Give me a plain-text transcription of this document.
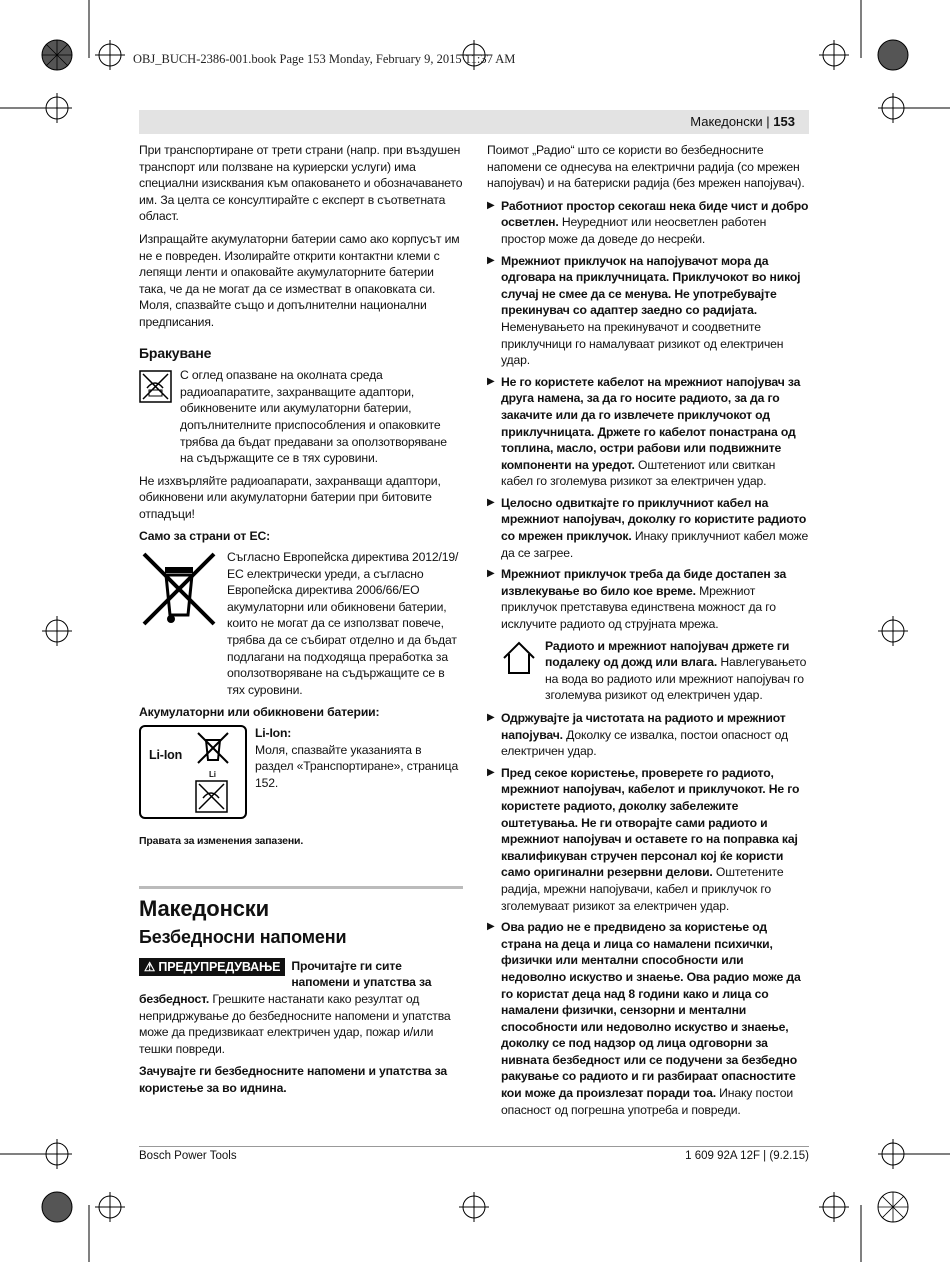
OBJ_BUCH-2386-001.book Page 153 Monday, February 9, 2015 11:37 AM
Македонски | 153

При транспортиране от трети страни (напр. при въздушен транспорт или ползване на куриерски услуги) има специални изисквания към опаковането и обозначаването им. За целта се консултирайте с експерт в съответната област.

Изпращайте акумулаторни батерии само ако корпусът им не е повреден. Изолирайте открити контактни клеми с лепящи ленти и опаковайте акумулаторните батерии така, че да не могат да се изместват в опаковката си.

Моля, спазвайте също и допълнителни национални предписания.

Бракуване
С оглед опазване на околната среда радиоапаратите, захранващите адаптори, обикновените или акумулаторни батерии, допълнителните приспособления и опаковките трябва да бъдат предавани за оползотворяване на съдържащите се в тях суровини.

Не изхвърляйте радиоапарати, захранващи адаптори, обикновени или акумулаторни батерии при битовите отпадъци!

Само за страни от ЕС:
Съгласно Европейска директива 2012/19/ЕС електрически уреди, а съгласно Европейска директива 2006/66/ЕО акумулаторни или обикновени батерии, които не могат да се използват повече, трябва да се събират отделно и да бъдат подлагани на подходяща преработка за оползотворяване на съдържащите се в тях суровини.
Акумулаторни или обикновени батерии:
Li-Ion
Li
Li-Ion:
Моля, спазвайте указанията в раздел «Транспортиране», страница 152.
Правата за изменения запазени.
Македонски
Безбедносни напомени

⚠ ПРЕДУПРЕДУВАЊЕ Прочитајте ги сите напомени и упатства за безбедност. Грешките настанати како резултат од непридржување до безбедносните напомени и упатства може да предизвикаат електричен удар, пожар и/или тешки повреди.

Зачувајте ги безбедносните напомени и упатства за користење за во иднина.

Поимот „Радио“ што се користи во безбедносните напомени се однесува на електрични радија (со мрежен напојувач) и на батериски радија (без мрежен напојувач).

▶ Работниот простор секогаш нека биде чист и добро осветлен. Неуредниот или неосветлен работен простор може да доведе до несреќи.
▶ Мрежниот приклучок на напојувачот мора да одговара на приклучницата. Приклучокот во никој случај не смее да се менува. Не употребувајте прекинувач со адаптер заедно со радијата. Неменувањето на прекинувачот и соодветните приклучници го намалуваат ризикот од електричен удар.
▶ Не го користете кабелот на мрежниот напојувач за друга намена, за да го носите радиото, за да го закачите или да го извлечете приклучокот од приклучницата. Држете го кабелот понастрана од топлина, масло, остри рабови или подвижните компоненти на уредот. Оштетениот или свиткан кабел го зголемува ризикот за електричен удар.
▶ Целосно одвиткајте го приклучниот кабел на мрежниот напојувач, доколку го користите радиото со мрежен приклучок. Инаку приклучниот кабел може да се загрее.
▶ Мрежниот приклучок треба да биде достапен за извлекување во било кое време. Мрежниот приклучок претставува единствена можност да го исклучите радиото од струјната мрежа.
Радиото и мрежниот напојувач држете ги подалеку од дожд или влага. Навлегувањето на вода во радиото или мрежниот напојувач го зголемува ризикот од електричен удар.
▶ Одржувајте ја чистотата на радиото и мрежниот напојувач. Доколку се извалка, постои опасност од електричен удар.
▶ Пред секое користење, проверете го радиото, мрежниот напојувач, кабелот и приклучокот. Не го користете радиото, доколку забележите оштетувања. Не ги отворајте сами радиото и мрежниот напојувач и оставете го на поправка кај квалификуван стручен персонал кој ќе користи само оригинални резервни делови. Оштетените радија, мрежни напојувачи, кабел и приклучок го зголемуваат ризикот за електричен удар.
▶ Ова радио не е предвидено за користење од страна на деца и лица со намалени психички, физички или ментални способности или недоволно искуство и знаење. Ова радио може да го користат деца над 8 години како и лица со намалени физички, сензорни и ментални способности или недоволно искуство и знаење, доколку се под надзор од лица одговорни за нивната безбедност или се подучени за безбедно ракување со радиото и ги разбираат опасностите кои може да произлезат поради тоа. Инаку постои опасност од погрешна употреба и повреди.
Bosch Power Tools	1 609 92A 12F | (9.2.15)
